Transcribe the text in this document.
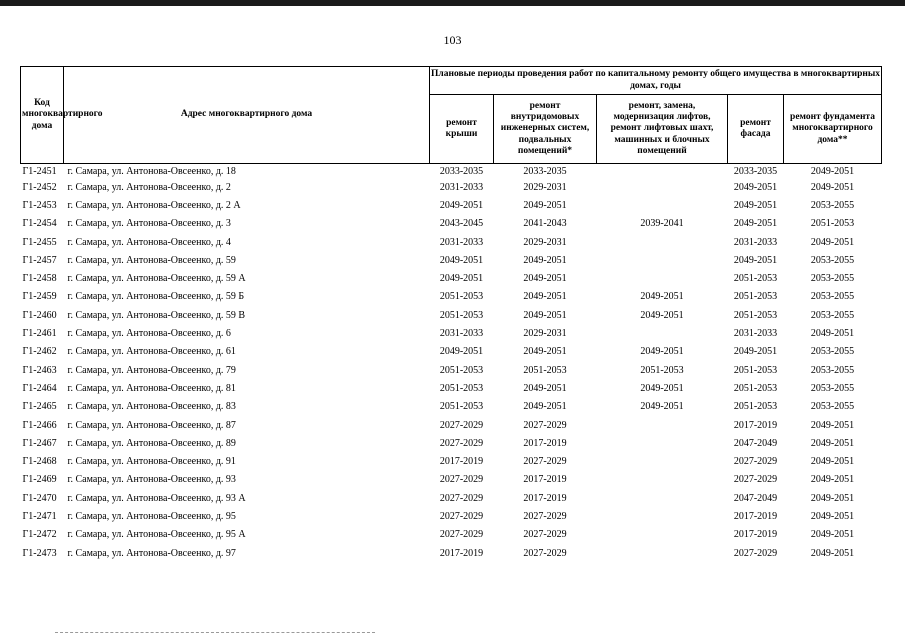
103
Код многоквартирного дома	Адрес многоквартирного дома	Плановые периоды проведения работ по капитальному ремонту общего имущества в многоквартирных домах, годы				
		ремонт крыши	ремонт внутридомовых инженерных систем, подвальных помещений*	ремонт, замена, модернизация лифтов, ремонт лифтовых шахт, машинных и блочных помещений	ремонт фасада	ремонт фундамента многоквартирного дома**
Г1-2451	г. Самара, ул. Антонова-Овсеенко, д. 18	2033-2035	2033-2035		2033-2035	2049-2051
Г1-2452	г. Самара, ул. Антонова-Овсеенко, д. 2	2031-2033	2029-2031		2049-2051	2049-2051
Г1-2453	г. Самара, ул. Антонова-Овсеенко, д. 2 А	2049-2051	2049-2051		2049-2051	2053-2055
Г1-2454	г. Самара, ул. Антонова-Овсеенко, д. 3	2043-2045	2041-2043	2039-2041	2049-2051	2051-2053
Г1-2455	г. Самара, ул. Антонова-Овсеенко, д. 4	2031-2033	2029-2031		2031-2033	2049-2051
Г1-2457	г. Самара, ул. Антонова-Овсеенко, д. 59	2049-2051	2049-2051		2049-2051	2053-2055
Г1-2458	г. Самара, ул. Антонова-Овсеенко, д. 59 А	2049-2051	2049-2051		2051-2053	2053-2055
Г1-2459	г. Самара, ул. Антонова-Овсеенко, д. 59 Б	2051-2053	2049-2051	2049-2051	2051-2053	2053-2055
Г1-2460	г. Самара, ул. Антонова-Овсеенко, д. 59 В	2051-2053	2049-2051	2049-2051	2051-2053	2053-2055
Г1-2461	г. Самара, ул. Антонова-Овсеенко, д. 6	2031-2033	2029-2031		2031-2033	2049-2051
Г1-2462	г. Самара, ул. Антонова-Овсеенко, д. 61	2049-2051	2049-2051	2049-2051	2049-2051	2053-2055
Г1-2463	г. Самара, ул. Антонова-Овсеенко, д. 79	2051-2053	2051-2053	2051-2053	2051-2053	2053-2055
Г1-2464	г. Самара, ул. Антонова-Овсеенко, д. 81	2051-2053	2049-2051	2049-2051	2051-2053	2053-2055
Г1-2465	г. Самара, ул. Антонова-Овсеенко, д. 83	2051-2053	2049-2051	2049-2051	2051-2053	2053-2055
Г1-2466	г. Самара, ул. Антонова-Овсеенко, д. 87	2027-2029	2027-2029		2017-2019	2049-2051
Г1-2467	г. Самара, ул. Антонова-Овсеенко, д. 89	2027-2029	2017-2019		2047-2049	2049-2051
Г1-2468	г. Самара, ул. Антонова-Овсеенко, д. 91	2017-2019	2027-2029		2027-2029	2049-2051
Г1-2469	г. Самара, ул. Антонова-Овсеенко, д. 93	2027-2029	2017-2019		2027-2029	2049-2051
Г1-2470	г. Самара, ул. Антонова-Овсеенко, д. 93 А	2027-2029	2017-2019		2047-2049	2049-2051
Г1-2471	г. Самара, ул. Антонова-Овсеенко, д. 95	2027-2029	2027-2029		2017-2019	2049-2051
Г1-2472	г. Самара, ул. Антонова-Овсеенко, д. 95 А	2027-2029	2027-2029		2017-2019	2049-2051
Г1-2473	г. Самара, ул. Антонова-Овсеенко, д. 97	2017-2019	2027-2029		2027-2029	2049-2051
